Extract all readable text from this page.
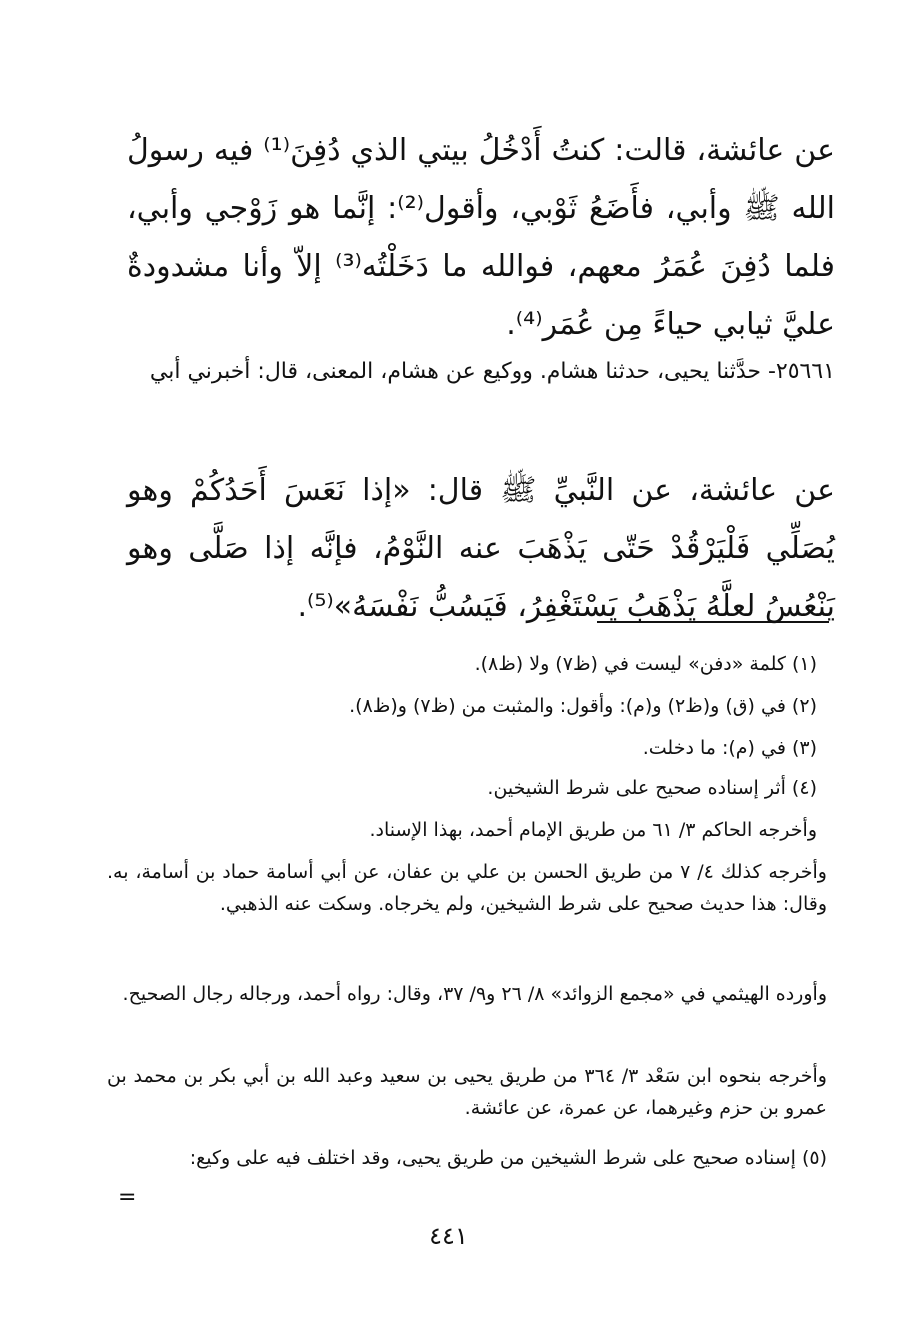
عن عائشة، قالت: كنتُ أَدْخُلُ بيتي الذي دُفِنَ⁽¹⁾ فيه رسولُ الله ﷺ وأبي، فأَضَعُ ثَوْبي، وأقول⁽²⁾: إنَّما هو زَوْجي وأبي، فلما دُفِنَ عُمَرُ معهم، فوالله ما دَخَلْتُه⁽³⁾ إلاّ وأنا مشدودةٌ عليَّ ثيابي حياءً مِن عُمَر⁽⁴⁾.

٢٥٦٦١- حدَّثنا يحيى، حدثنا هشام. ووكيع عن هشام، المعنى، قال: أخبرني أبي

عن عائشة، عن النَّبيِّ ﷺ قال: «إذا نَعَسَ أَحَدُكُمْ وهو يُصَلِّي فَلْيَرْقُدْ حَتّى يَذْهَبَ عنه النَّوْمُ، فإنَّه إذا صَلَّى وهو يَنْعُسُ لعلَّهُ يَذْهَبُ يَسْتَغْفِرُ، فَيَسُبُّ نَفْسَهُ»⁽⁵⁾.

(١) كلمة «دفن» ليست في (ظ٧) ولا (ظ٨).
(٢) في (ق) و(ظ٢) و(م): وأقول: والمثبت من (ظ٧) و(ظ٨).
(٣) في (م): ما دخلت.
(٤) أثر إسناده صحيح على شرط الشيخين.
وأخرجه الحاكم ٣/ ٦١ من طريق الإمام أحمد، بهذا الإسناد.
وأخرجه كذلك ٤/ ٧ من طريق الحسن بن علي بن عفان، عن أبي أسامة حماد بن أسامة، به. وقال: هذا حديث صحيح على شرط الشيخين، ولم يخرجاه. وسكت عنه الذهبي.
وأورده الهيثمي في «مجمع الزوائد» ٨/ ٢٦ و٩/ ٣٧، وقال: رواه أحمد، ورجاله رجال الصحيح.
وأخرجه بنحوه ابن سَعْد ٣/ ٣٦٤ من طريق يحيى بن سعيد وعبد الله بن أبي بكر بن محمد بن عمرو بن حزم وغيرهما، عن عمرة، عن عائشة.
(٥) إسناده صحيح على شرط الشيخين من طريق يحيى، وقد اختلف فيه على وكيع:
=
٤٤١
